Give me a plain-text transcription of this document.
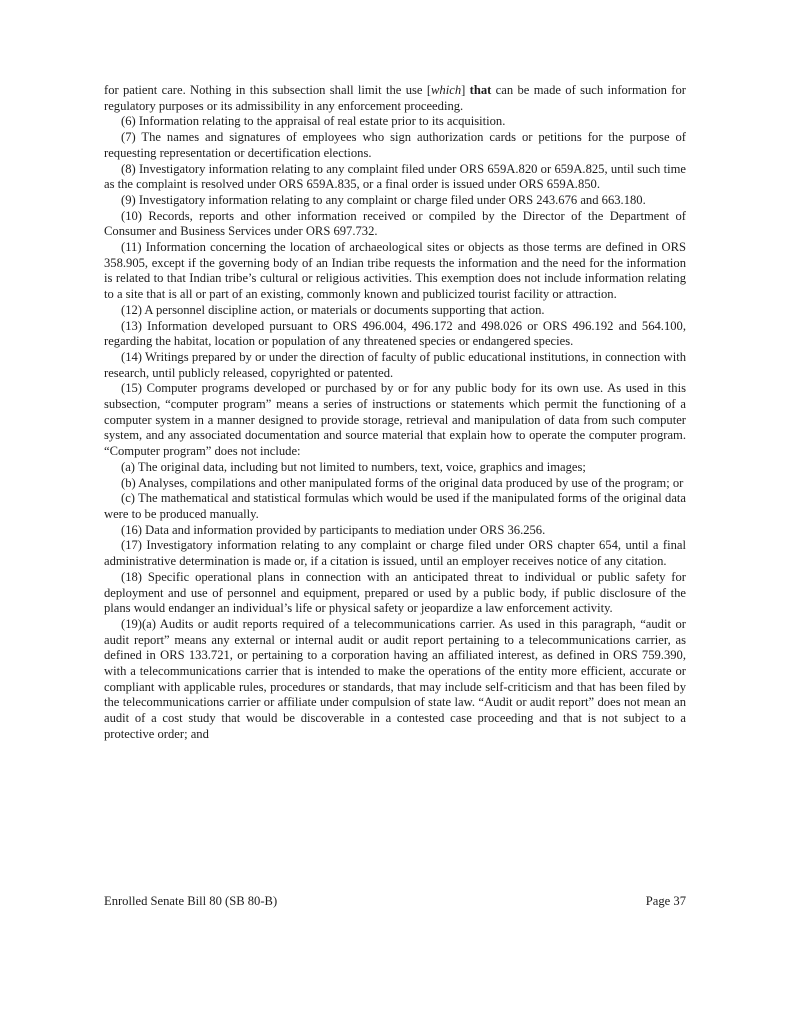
for patient care. Nothing in this subsection shall limit the use [which] that can be made of such information for regulatory purposes or its admissibility in any enforcement proceeding.

(6) Information relating to the appraisal of real estate prior to its acquisition.

(7) The names and signatures of employees who sign authorization cards or petitions for the purpose of requesting representation or decertification elections.

(8) Investigatory information relating to any complaint filed under ORS 659A.820 or 659A.825, until such time as the complaint is resolved under ORS 659A.835, or a final order is issued under ORS 659A.850.

(9) Investigatory information relating to any complaint or charge filed under ORS 243.676 and 663.180.

(10) Records, reports and other information received or compiled by the Director of the Department of Consumer and Business Services under ORS 697.732.

(11) Information concerning the location of archaeological sites or objects as those terms are defined in ORS 358.905, except if the governing body of an Indian tribe requests the information and the need for the information is related to that Indian tribe’s cultural or religious activities. This exemption does not include information relating to a site that is all or part of an existing, commonly known and publicized tourist facility or attraction.

(12) A personnel discipline action, or materials or documents supporting that action.

(13) Information developed pursuant to ORS 496.004, 496.172 and 498.026 or ORS 496.192 and 564.100, regarding the habitat, location or population of any threatened species or endangered species.

(14) Writings prepared by or under the direction of faculty of public educational institutions, in connection with research, until publicly released, copyrighted or patented.

(15) Computer programs developed or purchased by or for any public body for its own use. As used in this subsection, “computer program” means a series of instructions or statements which permit the functioning of a computer system in a manner designed to provide storage, retrieval and manipulation of data from such computer system, and any associated documentation and source material that explain how to operate the computer program. “Computer program” does not include:

(a) The original data, including but not limited to numbers, text, voice, graphics and images;

(b) Analyses, compilations and other manipulated forms of the original data produced by use of the program; or

(c) The mathematical and statistical formulas which would be used if the manipulated forms of the original data were to be produced manually.

(16) Data and information provided by participants to mediation under ORS 36.256.

(17) Investigatory information relating to any complaint or charge filed under ORS chapter 654, until a final administrative determination is made or, if a citation is issued, until an employer receives notice of any citation.

(18) Specific operational plans in connection with an anticipated threat to individual or public safety for deployment and use of personnel and equipment, prepared or used by a public body, if public disclosure of the plans would endanger an individual’s life or physical safety or jeopardize a law enforcement activity.

(19)(a) Audits or audit reports required of a telecommunications carrier. As used in this paragraph, “audit or audit report” means any external or internal audit or audit report pertaining to a telecommunications carrier, as defined in ORS 133.721, or pertaining to a corporation having an affiliated interest, as defined in ORS 759.390, with a telecommunications carrier that is intended to make the operations of the entity more efficient, accurate or compliant with applicable rules, procedures or standards, that may include self-criticism and that has been filed by the telecommunications carrier or affiliate under compulsion of state law. “Audit or audit report” does not mean an audit of a cost study that would be discoverable in a contested case proceeding and that is not subject to a protective order; and

Enrolled Senate Bill 80 (SB 80-B)	Page 37
